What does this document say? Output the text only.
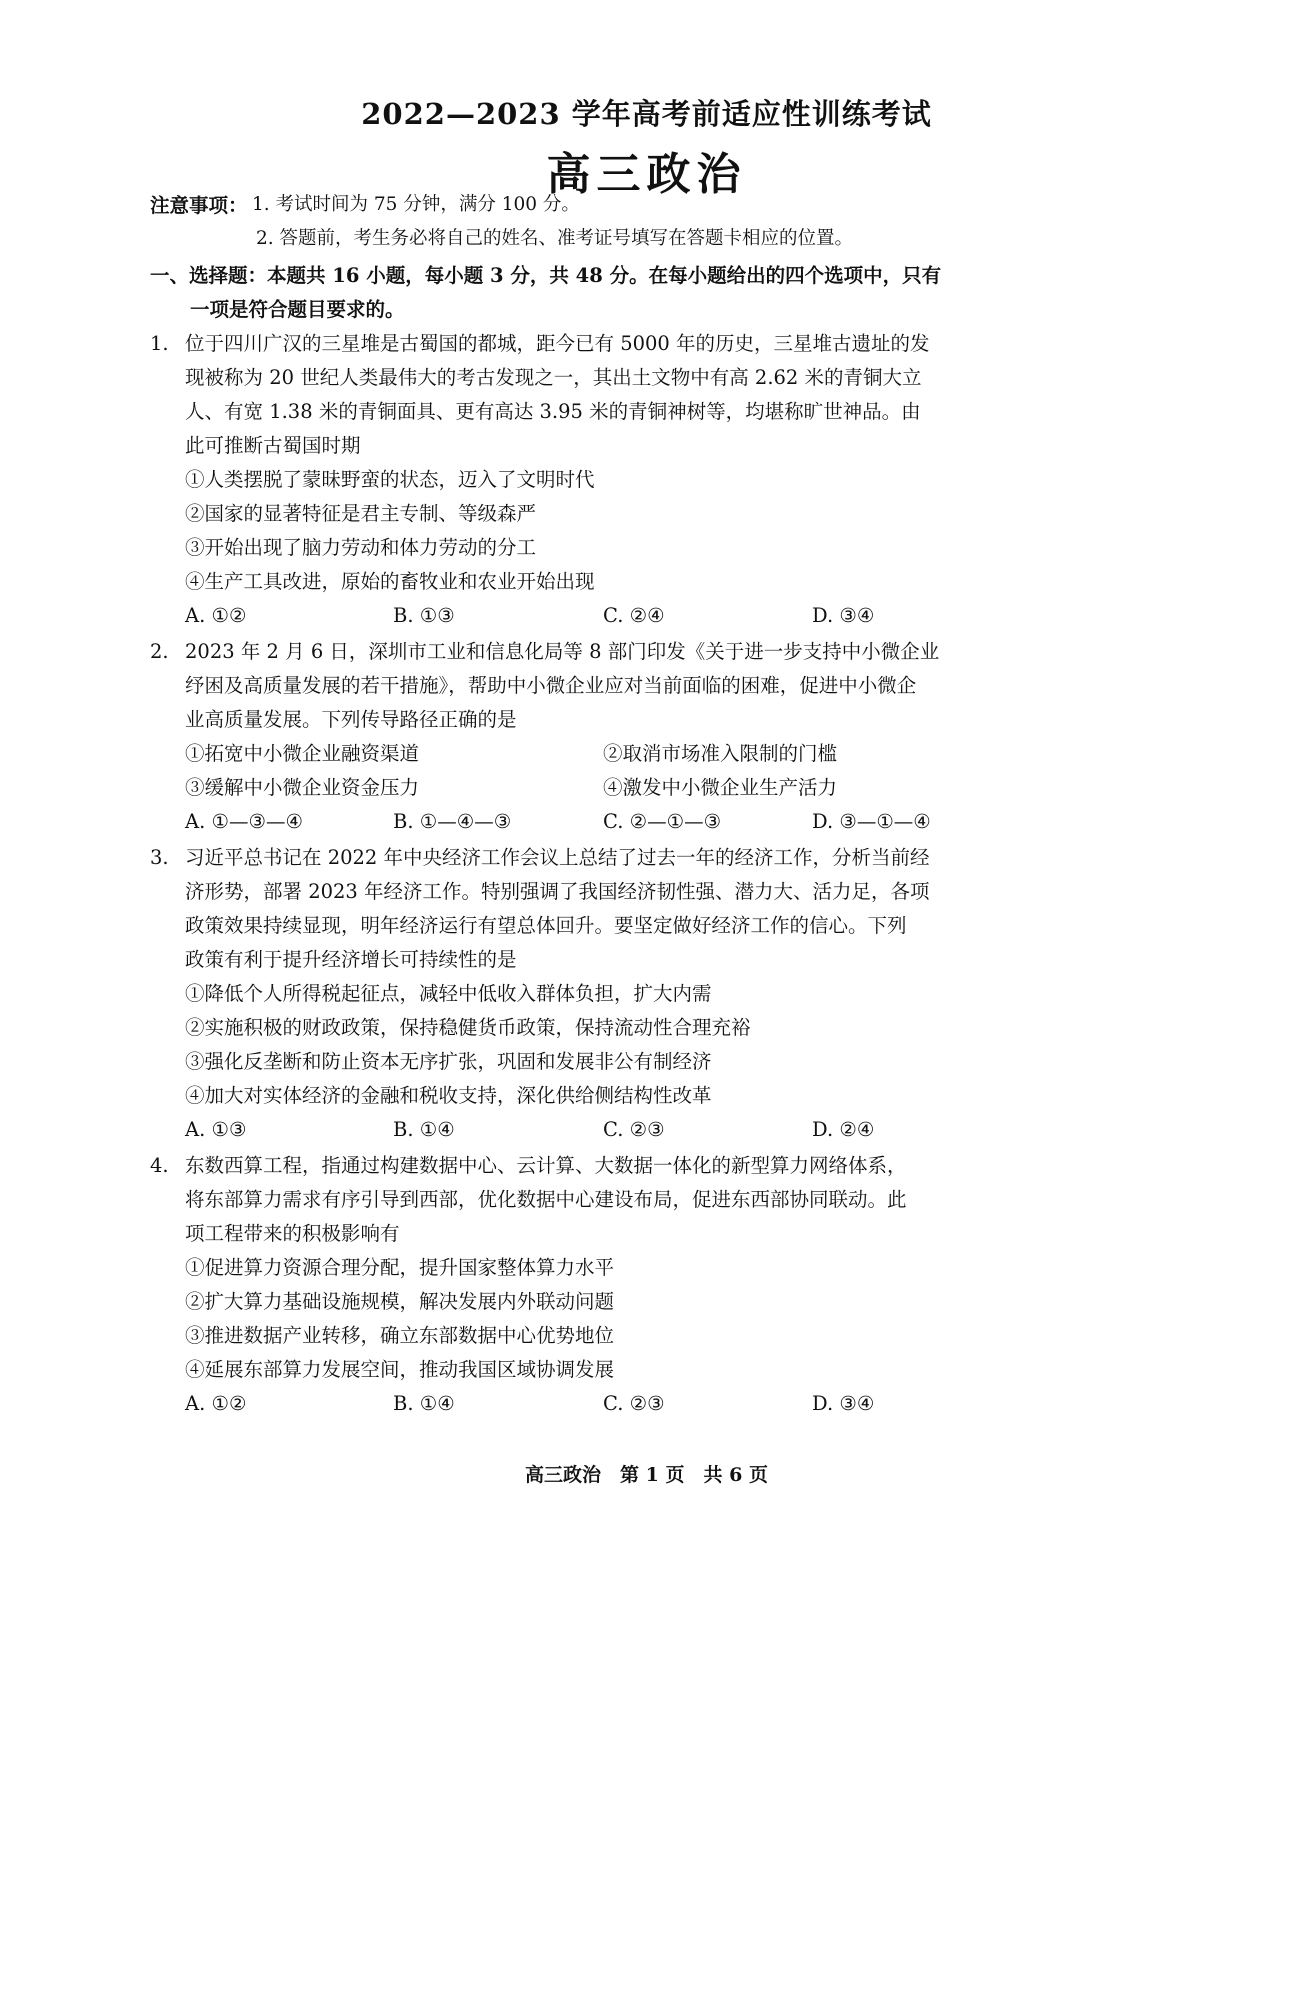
2022—2023 学年高考前适应性训练考试
高三政治
注意事项： 1. 考试时间为 75 分钟，满分 100 分。
2. 答题前，考生务必将自己的姓名、准考证号填写在答题卡相应的位置。
一、选择题：本题共 16 小题，每小题 3 分，共 48 分。在每小题给出的四个选项中，只有
一项是符合题目要求的。
1. 位于四川广汉的三星堆是古蜀国的都城，距今已有 5000 年的历史，三星堆古遗址的发
现被称为 20 世纪人类最伟大的考古发现之一，其出土文物中有高 2.62 米的青铜大立
人、有宽 1.38 米的青铜面具、更有高达 3.95 米的青铜神树等，均堪称旷世神品。由
此可推断古蜀国时期
①人类摆脱了蒙昧野蛮的状态，迈入了文明时代
②国家的显著特征是君主专制、等级森严
③开始出现了脑力劳动和体力劳动的分工
④生产工具改进，原始的畜牧业和农业开始出现
A. ①②	B. ①③	C. ②④	D. ③④
2. 2023 年 2 月 6 日，深圳市工业和信息化局等 8 部门印发《关于进一步支持中小微企业
纾困及高质量发展的若干措施》，帮助中小微企业应对当前面临的困难，促进中小微企
业高质量发展。下列传导路径正确的是
①拓宽中小微企业融资渠道	②取消市场准入限制的门槛
③缓解中小微企业资金压力	④激发中小微企业生产活力
A. ①—③—④	B. ①—④—③	C. ②—①—③	D. ③—①—④
3. 习近平总书记在 2022 年中央经济工作会议上总结了过去一年的经济工作，分析当前经
济形势，部署 2023 年经济工作。特别强调了我国经济韧性强、潜力大、活力足，各项
政策效果持续显现，明年经济运行有望总体回升。要坚定做好经济工作的信心。下列
政策有利于提升经济增长可持续性的是
①降低个人所得税起征点，减轻中低收入群体负担，扩大内需
②实施积极的财政政策，保持稳健货币政策，保持流动性合理充裕
③强化反垄断和防止资本无序扩张，巩固和发展非公有制经济
④加大对实体经济的金融和税收支持，深化供给侧结构性改革
A. ①③	B. ①④	C. ②③	D. ②④
4. 东数西算工程，指通过构建数据中心、云计算、大数据一体化的新型算力网络体系，
将东部算力需求有序引导到西部，优化数据中心建设布局，促进东西部协同联动。此
项工程带来的积极影响有
①促进算力资源合理分配，提升国家整体算力水平
②扩大算力基础设施规模，解决发展内外联动问题
③推进数据产业转移，确立东部数据中心优势地位
④延展东部算力发展空间，推动我国区域协调发展
A. ①②	B. ①④	C. ②③	D. ③④
高三政治　第 1 页　共 6 页
